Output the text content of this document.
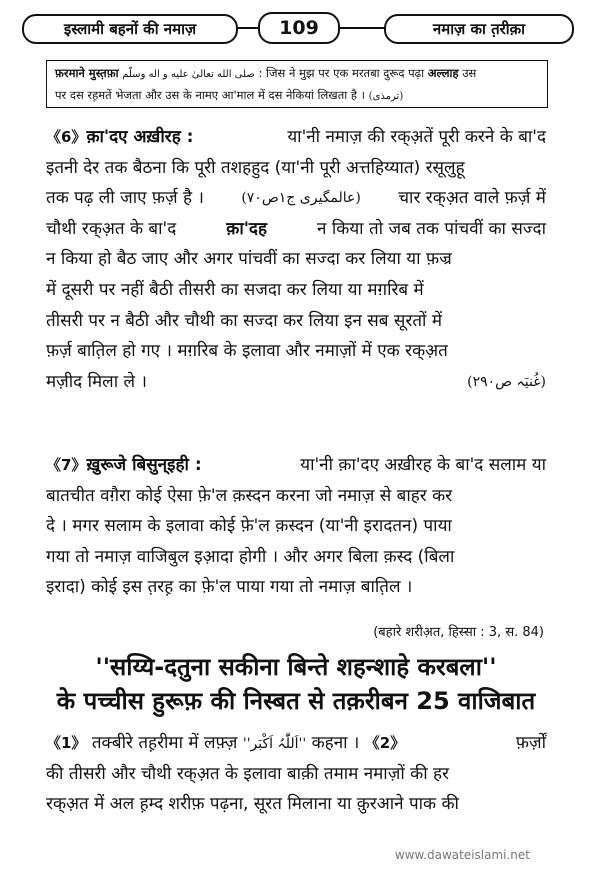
इस्लामी बहनों की नमाज़	109	नमाज़ का त़रीक़ा
फ़रमाने मुस्त़फ़ा صلى الله تعالیٰ علیه و اله وسلّم : जिस ने मुझ पर एक मरतबा दुरूद पढ़ा अल्लाह उस
पर दस रह़मतें भेजता और उस के नामए आ'माल में दस नेकियां लिखता है । (ترمذی)
《6》क़ा'दए अख़ीरह :	या'नी नमाज़ की रक्अ़तें पूरी करने के बा'द
इतनी देर तक बैठना कि पूरी तशहहुद (या'नी पूरी अत्तहिय्यात) रसूलुहू
तक पढ़ ली जाए फ़र्ज़ है ।	(عالمگیری ج۱ص۷۰) चार रक्अ़त वाले फ़र्ज़ में
चौथी रक्अ़त के बा'द	क़ा'दह	न किया तो जब तक पांचवीं का सज्दा
न किया हो बैठ जाए और अगर पांचवीं का सज्दा कर लिया या फ़ज्र
में दूसरी पर नहीं बैठी तीसरी का सजदा कर लिया या मग़रिब में
तीसरी पर न बैठी और चौथी का सज्दा कर लिया इन सब सूरतों में
फ़र्ज़ बात़िल हो गए । मग़रिब के इलावा और नमाज़ों में एक रक्अ़त
मज़ीद मिला ले ।	(غُنیَہ ص۲۹۰)
《7》ख़ुरूजे बिसुन्इही :	या'नी क़ा'दए अख़ीरह के बा'द सलाम या
बातचीत वग़ैरा कोई ऐसा फ़े'ल क़स्दन करना जो नमाज़ से बाहर कर
दे । मगर सलाम के इलावा कोई फ़े'ल क़स्दन (या'नी इरादतन) पाया
गया तो नमाज़ वाजिबुल इआ़दा होगी । और अगर बिला क़स्द (बिला
इरादा) कोई इस त़रह़ का फ़े'ल पाया गया तो नमाज़ बात़िल ।
(बहारे शरीअ़त, हिस्सा : 3, स. 84)
''सय्यि-दतुना सकीना बिन्ते शहन्शाहे करबला''
के पच्चीस हुरूफ़ की निस्बत से तक़रीबन 25 वाजिबात
《1》 तक्बीरे तह़रीमा में लफ़्ज़ ''اَللّٰہُ اَکْبَر'' कहना । 《2》	फ़र्ज़ों
की तीसरी और चौथी रक्अ़त के इलावा बाक़ी तमाम नमाज़ों की हर
रक्अ़त में अल ह़म्द शरीफ़ पढ़ना, सूरत मिलाना या क़ुरआने पाक की
www.dawateislami.net
